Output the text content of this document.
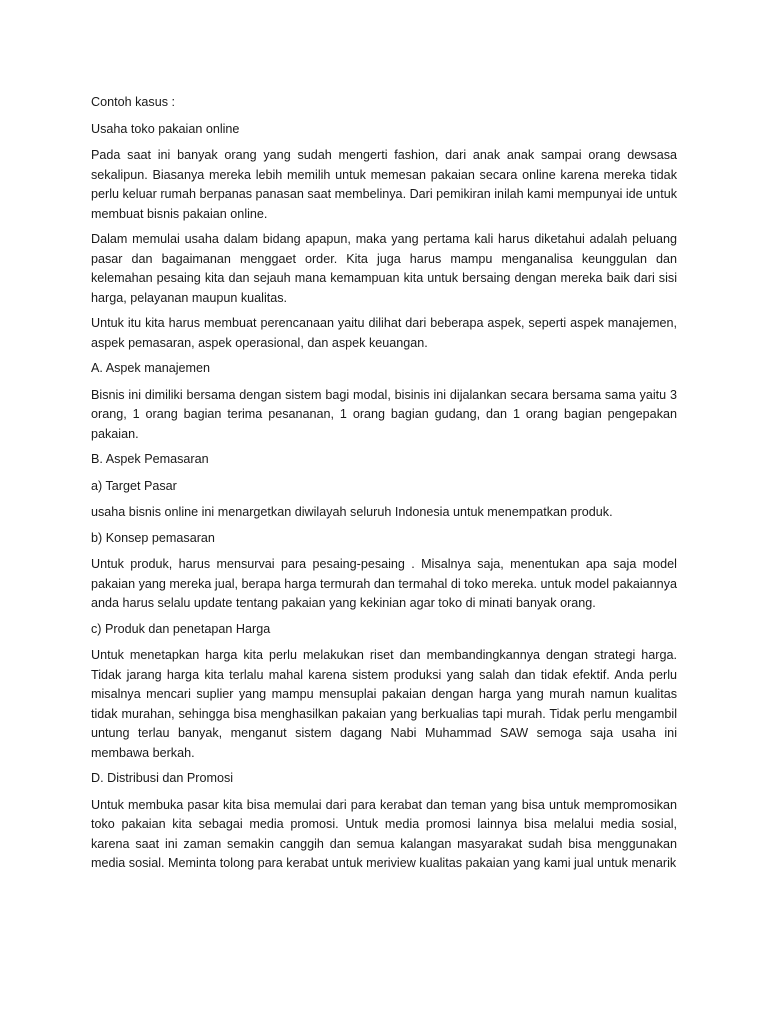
Contoh kasus :

Usaha toko pakaian online

Pada saat ini banyak orang yang sudah mengerti fashion, dari anak anak sampai orang dewsasa sekalipun. Biasanya mereka lebih memilih untuk memesan pakaian secara online karena mereka tidak perlu keluar rumah berpanas panasan saat membelinya. Dari pemikiran inilah kami mempunyai ide untuk membuat bisnis pakaian online.

Dalam memulai usaha dalam bidang apapun, maka yang pertama kali harus diketahui adalah peluang pasar dan bagaimanan menggaet order. Kita juga harus mampu menganalisa keunggulan dan kelemahan pesaing kita dan sejauh mana kemampuan kita untuk bersaing dengan mereka baik dari sisi harga, pelayanan maupun kualitas.

Untuk itu kita harus membuat perencanaan yaitu dilihat dari beberapa aspek, seperti aspek manajemen, aspek pemasaran, aspek operasional, dan aspek keuangan.

A. Aspek manajemen

Bisnis ini dimiliki bersama dengan sistem bagi modal, bisinis ini dijalankan secara bersama sama yaitu 3 orang, 1 orang bagian terima pesananan, 1 orang bagian gudang, dan 1 orang bagian pengepakan pakaian.

B. Aspek Pemasaran

a) Target Pasar

usaha bisnis online ini menargetkan diwilayah seluruh Indonesia untuk menempatkan produk.

b) Konsep pemasaran

Untuk produk, harus mensurvai para pesaing-pesaing . Misalnya saja, menentukan apa saja model pakaian yang mereka jual, berapa harga termurah dan termahal di toko mereka. untuk model pakaiannya anda harus selalu update tentang pakaian yang kekinian agar toko di minati banyak orang.

c) Produk dan penetapan Harga

Untuk menetapkan harga kita perlu melakukan riset dan membandingkannya dengan strategi harga. Tidak jarang harga kita terlalu mahal karena sistem produksi yang salah dan tidak efektif. Anda perlu misalnya mencari suplier yang mampu mensuplai pakaian dengan harga yang murah namun kualitas tidak murahan, sehingga bisa menghasilkan pakaian yang berkualias tapi murah. Tidak perlu mengambil untung terlau banyak, menganut sistem dagang Nabi Muhammad SAW semoga saja usaha ini membawa berkah.

D. Distribusi dan Promosi

Untuk membuka pasar kita bisa memulai dari para kerabat dan teman yang bisa untuk mempromosikan toko pakaian kita sebagai media promosi. Untuk media promosi lainnya bisa melalui media sosial, karena saat ini zaman semakin canggih dan semua kalangan masyarakat sudah bisa menggunakan media sosial. Meminta tolong para kerabat untuk meriview kualitas pakaian yang kami jual untuk menarik
